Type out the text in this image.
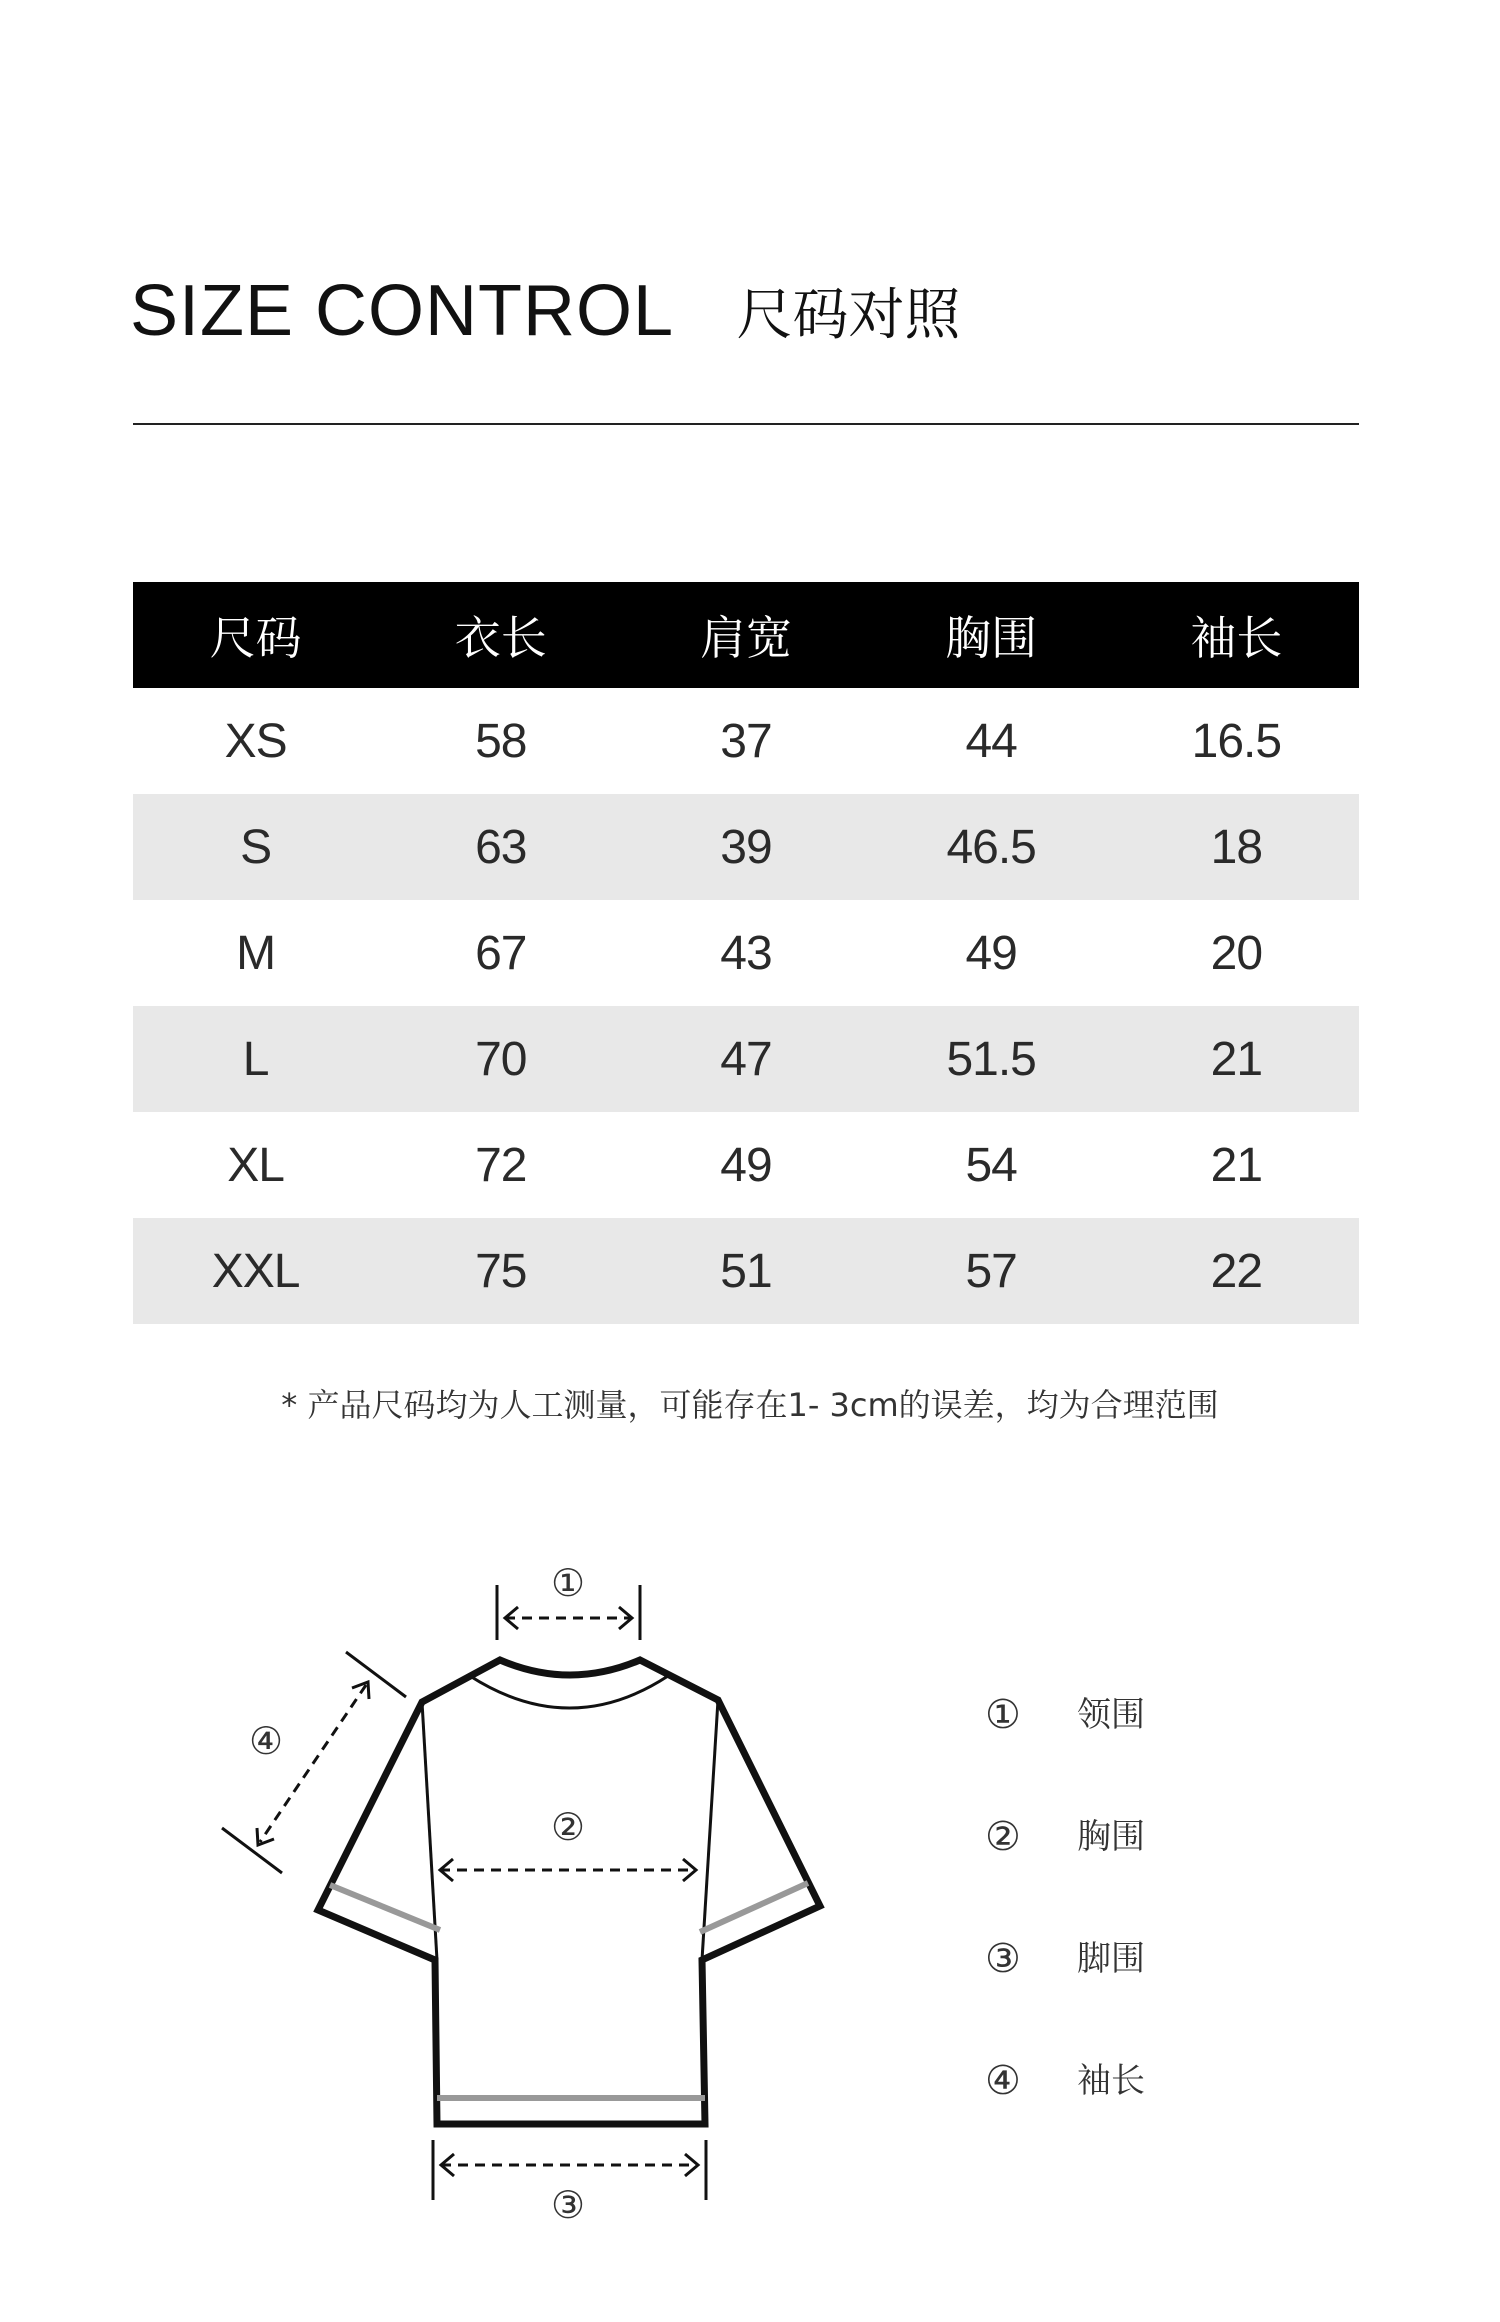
SIZE CONTROL 尺码对照
尺码	衣长	肩宽	胸围	袖长
XS	58	37	44	16.5
S	63	39	46.5	18
M	67	43	49	20
L	70	47	51.5	21
XL	72	49	54	21
XXL	75	51	57	22
* 产品尺码均为人工测量，可能存在1- 3cm的误差，均为合理范围
①
②
③
④
①	领围
②	胸围
③	脚围
④	袖长
